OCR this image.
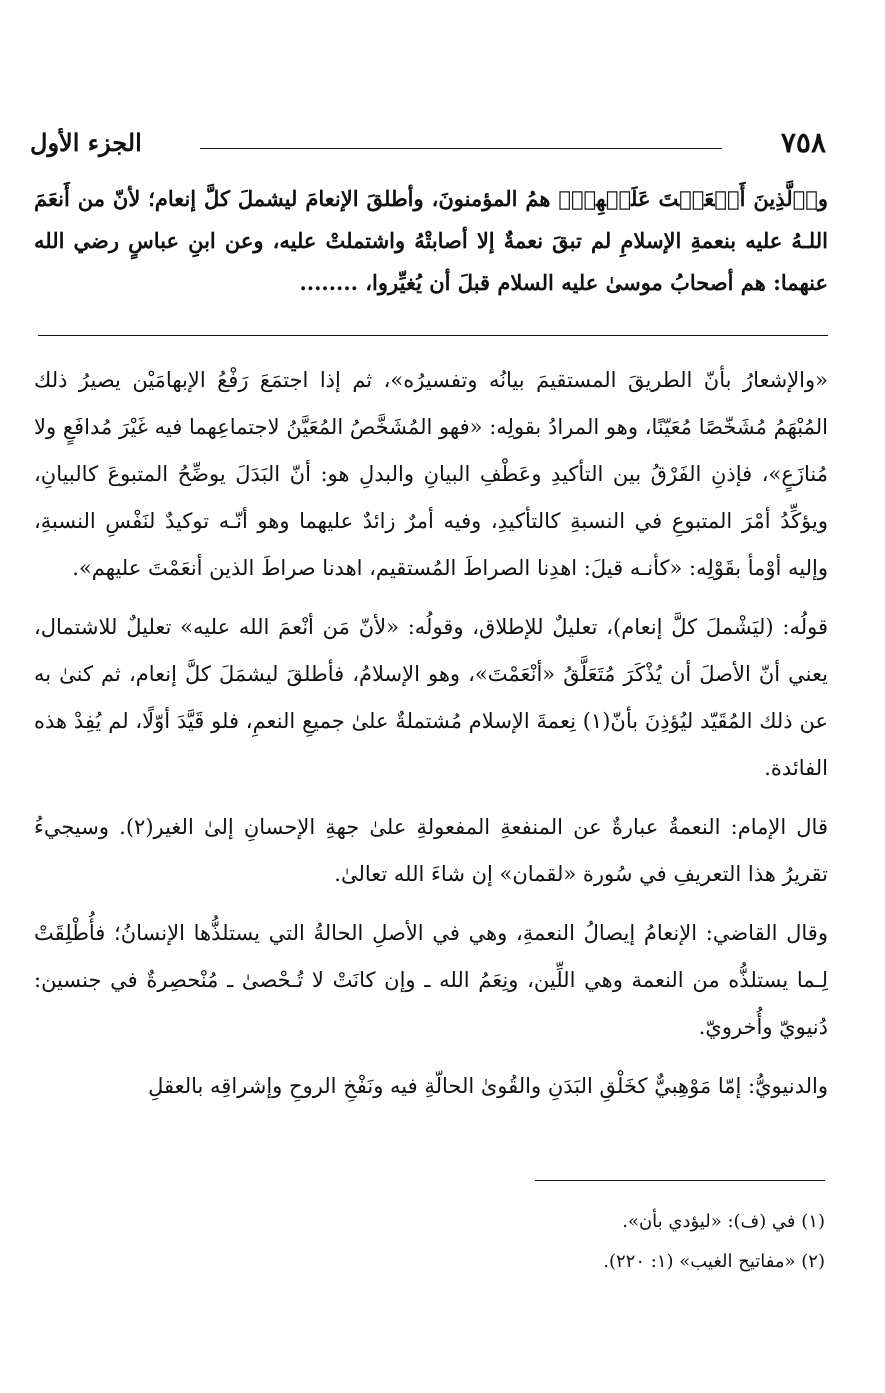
٧٥٨
الجزء الأول

و﴿ٱلَّذِينَ أَنۡعَمۡتَ عَلَيۡهِمۡ﴾ همُ المؤمنونَ، وأطلقَ الإنعامَ ليشملَ كلَّ إنعام؛ لأنّ من أَنعَمَ اللـهُ عليه بنعمةِ الإسلامِ لم تبقَ نعمةٌ إلا أصابتْهُ واشتملتْ عليه، وعن ابنِ عباسٍ رضي الله عنهما: هم أصحابُ موسىٰ عليه السلام قبلَ أن يُغيِّروا، ........

«والإشعارُ بأنّ الطريقَ المستقيمَ بيانُه وتفسيرُه»، ثم إذا اجتمَعَ رَفْعُ الإبهامَيْن يصيرُ ذلك المُبْهَمُ مُشَخّصًا مُعَيّنًا، وهو المرادُ بقولِه: «فهو المُشَخَّصُ المُعَيَّنُ لاجتماعِهما فيه غَيْرَ مُدافَعٍ ولا مُنازَعٍ»، فإذنِ الفَرْقُ بين التأكيدِ وعَطْفِ البيانِ والبدلِ هو: أنّ البَدَلَ يوضِّحُ المتبوعَ كالبيانِ، ويؤكِّدُ أمْرَ المتبوعِ في النسبةِ كالتأكيدِ، وفيه أمرٌ زائدٌ عليهما وهو أنّـه توكيدٌ لنَفْسِ النسبةِ، وإليه أوْمأ بقَوْلِه: «كأنـه قيلَ: اهدِنا الصراطَ المُستقيم، اهدنا صراطَ الذين أنعَمْتَ عليهم».

قولُه: (ليَشْملَ كلَّ إنعام)، تعليلٌ للإطلاق، وقولُه: «لأنّ مَن أنْعمَ الله عليه» تعليلٌ للاشتمال، يعني أنّ الأصلَ أن يُذْكَرَ مُتَعَلَّقُ «أنْعَمْتَ»، وهو الإسلامُ، فأطلقَ ليشمَلَ كلَّ إنعام، ثم كنىٰ به عن ذلك المُقَيّد ليُؤذِنَ بأنّ(١) نِعمةَ الإسلام مُشتملةٌ علىٰ جميعِ النعمِ، فلو قَيَّدَ أوّلًا، لم يُفِدْ هذه الفائدة.

قال الإمام: النعمةُ عبارةٌ عن المنفعةِ المفعولةِ علىٰ جهةِ الإحسانِ إلىٰ الغير(٢). وسيجيءُ تقريرُ هذا التعريفِ في سُورة «لقمان» إن شاءَ الله تعالىٰ.

وقال القاضي: الإنعامُ إيصالُ النعمةِ، وهي في الأصلِ الحالةُ التي يستلذُّها الإنسانُ؛ فأُطْلِقَتْ لِـما يستلذُّه من النعمة وهي اللِّين، ونِعَمُ الله ـ وإن كانَتْ لا تُـحْصىٰ ـ مُنْحصِرةٌ في جنسين: دُنيويّ وأُخرويّ.

والدنيويُّ: إمّا مَوْهِبيٌّ كخَلْقِ البَدَنِ والقُوىٰ الحالّةِ فيه ونَفْخِ الروحِ وإشراقِه بالعقلِ

(١) في (ف): «ليؤدي بأن».

(٢) «مفاتيح الغيب» (١: ٢٢٠).
